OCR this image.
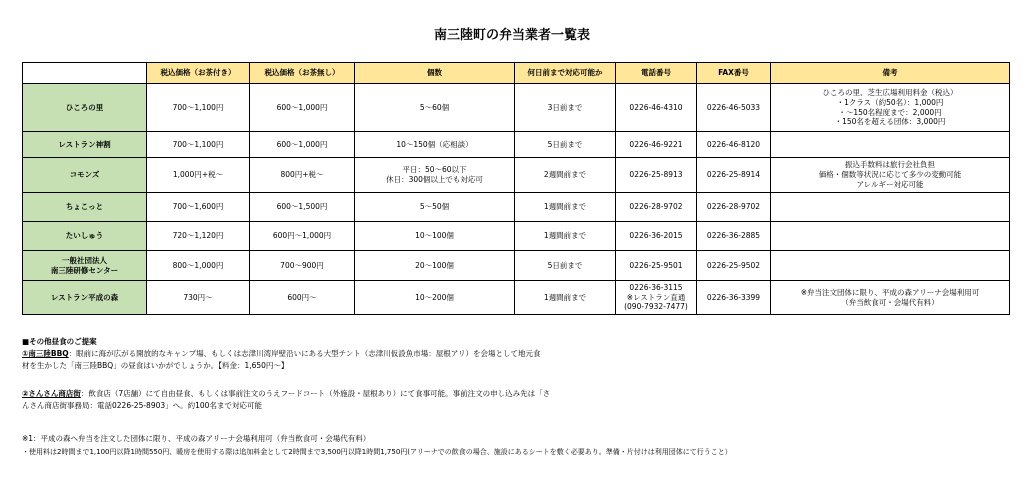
南三陸町の弁当業者一覧表
	税込価格（お茶付き）	税込価格（お茶無し）	個数	何日前まで対応可能か	電話番号	FAX番号	備考
ひころの里	700～1,100円	600～1,000円	5～60個	3日前まで	0226-46-4310	0226-46-5033	ひころの里、芝生広場利用料金（税込）
・1クラス（約50名）：1,000円
・～150名程度まで：2,000円
・150名を超える団体：3,000円
レストラン神割	700～1,100円	600～1,000円	10～150個（応相談）	5日前まで	0226-46-9221	0226-46-8120	
コモンズ	1,000円+税～	800円+税～	平日：50～60以下
休日：300個以上でも対応可	2週間前まで	0226-25-8913	0226-25-8914	振込手数料は旅行会社負担
価格・個数等状況に応じて多少の変動可能
アレルギー対応可能
ちょこっと	700～1,600円	600～1,500円	5～50個	1週間前まで	0226-28-9702	0226-28-9702	
たいしゅう	720～1,120円	600円～1,000円	10～100個	1週間前まで	0226-36-2015	0226-36-2885	
一般社団法人
南三陸研修センター	800～1,000円	700～900円	20～100個	5日前まで	0226-25-9501	0226-25-9502	
レストラン平成の森	730円～	600円～	10～200個	1週間前まで	0226-36-3115
※レストラン直通
(090-7932-7477)	0226-36-3399	※弁当注文団体に限り、平成の森アリーナ会場利用可
（弁当飲食可・会場代有料）
■その他昼食のご提案
①南三陸BBQ：眼前に海が広がる開放的なキャンプ場、もしくは志津川湾岸壁沿いにある大型テント（志津川仮設魚市場：屋根アリ）を会場として地元食
材を生かした「南三陸BBQ」の昼食はいかがでしょうか。【料金：1,650円～】
②さんさん商店街：飲食店（7店舗）にて自由昼食、もしくは事前注文のうえフードコート（外施設・屋根あり）にて食事可能。事前注文の申し込み先は「さ
んさん商店街事務局：電話0226-25-8903」へ。約100名まで対応可能
※1：平成の森へ弁当を注文した団体に限り、平成の森アリーナ会場利用可（弁当飲食可・会場代有料）
・使用料は2時間まで1,100円以降1時間550円、暖房を使用する際は追加料金として2時間まで3,500円以降1時間1,750円(アリーナでの飲食の場合、施設にあるシートを敷く必要あり。準備・片付けは利用団体にて行うこと）
